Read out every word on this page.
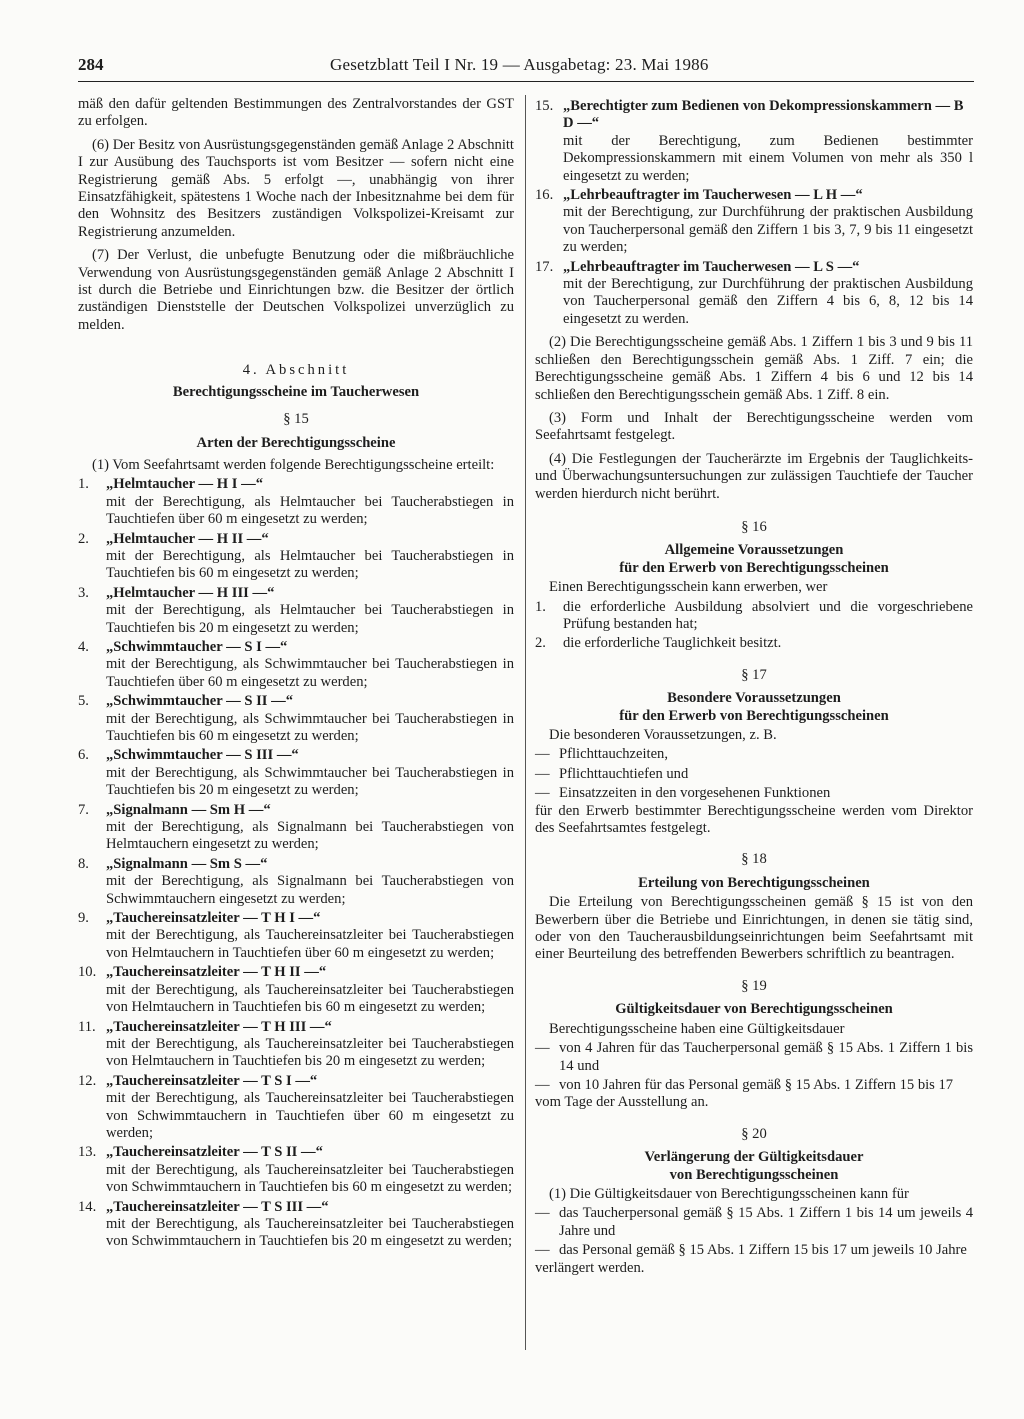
284	Gesetzblatt Teil I Nr. 19 — Ausgabetag: 23. Mai 1986

mäß den dafür geltenden Bestimmungen des Zentralvorstandes der GST zu erfolgen.

(6) Der Besitz von Ausrüstungsgegenständen gemäß Anlage 2 Abschnitt I zur Ausübung des Tauchsports ist vom Besitzer — sofern nicht eine Registrierung gemäß Abs. 5 erfolgt —, unabhängig von ihrer Einsatzfähigkeit, spätestens 1 Woche nach der Inbesitznahme bei dem für den Wohnsitz des Besitzers zuständigen Volkspolizei-Kreisamt zur Registrierung anzumelden.

(7) Der Verlust, die unbefugte Benutzung oder die mißbräuchliche Verwendung von Ausrüstungsgegenständen gemäß Anlage 2 Abschnitt I ist durch die Betriebe und Einrichtungen bzw. die Besitzer der örtlich zuständigen Dienststelle der Deutschen Volkspolizei unverzüglich zu melden.

4. Abschnitt

Berechtigungsscheine im Taucherwesen

§ 15

Arten der Berechtigungsscheine

(1) Vom Seefahrtsamt werden folgende Berechtigungsscheine erteilt:

1.	„Helmtaucher — H I —“
mit der Berechtigung, als Helmtaucher bei Taucherabstiegen in Tauchtiefen über 60 m eingesetzt zu werden;
2.	„Helmtaucher — H II —“
mit der Berechtigung, als Helmtaucher bei Taucherabstiegen in Tauchtiefen bis 60 m eingesetzt zu werden;
3.	„Helmtaucher — H III —“
mit der Berechtigung, als Helmtaucher bei Taucherabstiegen in Tauchtiefen bis 20 m eingesetzt zu werden;
4.	„Schwimmtaucher — S I —“
mit der Berechtigung, als Schwimmtaucher bei Taucherabstiegen in Tauchtiefen über 60 m eingesetzt zu werden;
5.	„Schwimmtaucher — S II —“
mit der Berechtigung, als Schwimmtaucher bei Taucherabstiegen in Tauchtiefen bis 60 m eingesetzt zu werden;
6.	„Schwimmtaucher — S III —“
mit der Berechtigung, als Schwimmtaucher bei Taucherabstiegen in Tauchtiefen bis 20 m eingesetzt zu werden;
7.	„Signalmann — Sm H —“
mit der Berechtigung, als Signalmann bei Taucherabstiegen von Helmtauchern eingesetzt zu werden;
8.	„Signalmann — Sm S —“
mit der Berechtigung, als Signalmann bei Taucherabstiegen von Schwimmtauchern eingesetzt zu werden;
9.	„Tauchereinsatzleiter — T H I —“
mit der Berechtigung, als Tauchereinsatzleiter bei Taucherabstiegen von Helmtauchern in Tauchtiefen über 60 m eingesetzt zu werden;
10. „Tauchereinsatzleiter — T H II —“
mit der Berechtigung, als Tauchereinsatzleiter bei Taucherabstiegen von Helmtauchern in Tauchtiefen bis 60 m eingesetzt zu werden;
11. „Tauchereinsatzleiter — T H III —“
mit der Berechtigung, als Tauchereinsatzleiter bei Taucherabstiegen von Helmtauchern in Tauchtiefen bis 20 m eingesetzt zu werden;
12. „Tauchereinsatzleiter — T S I —“
mit der Berechtigung, als Tauchereinsatzleiter bei Taucherabstiegen von Schwimmtauchern in Tauchtiefen über 60 m eingesetzt zu werden;
13. „Tauchereinsatzleiter — T S II —“
mit der Berechtigung, als Tauchereinsatzleiter bei Taucherabstiegen von Schwimmtauchern in Tauchtiefen bis 60 m eingesetzt zu werden;
14. „Tauchereinsatzleiter — T S III —“
mit der Berechtigung, als Tauchereinsatzleiter bei Taucherabstiegen von Schwimmtauchern in Tauchtiefen bis 20 m eingesetzt zu werden;
15. „Berechtigter zum Bedienen von Dekompressionskammern — B D —“
mit der Berechtigung, zum Bedienen bestimmter Dekompressionskammern mit einem Volumen von mehr als 350 l eingesetzt zu werden;
16. „Lehrbeauftragter im Taucherwesen — L H —“
mit der Berechtigung, zur Durchführung der praktischen Ausbildung von Taucherpersonal gemäß den Ziffern 1 bis 3, 7, 9 bis 11 eingesetzt zu werden;
17. „Lehrbeauftragter im Taucherwesen — L S —“
mit der Berechtigung, zur Durchführung der praktischen Ausbildung von Taucherpersonal gemäß den Ziffern 4 bis 6, 8, 12 bis 14 eingesetzt zu werden.

(2) Die Berechtigungsscheine gemäß Abs. 1 Ziffern 1 bis 3 und 9 bis 11 schließen den Berechtigungsschein gemäß Abs. 1 Ziff. 7 ein; die Berechtigungsscheine gemäß Abs. 1 Ziffern 4 bis 6 und 12 bis 14 schließen den Berechtigungsschein gemäß Abs. 1 Ziff. 8 ein.

(3) Form und Inhalt der Berechtigungsscheine werden vom Seefahrtsamt festgelegt.

(4) Die Festlegungen der Taucherärzte im Ergebnis der Tauglichkeits- und Überwachungsuntersuchungen zur zulässigen Tauchtiefe der Taucher werden hierdurch nicht berührt.

§ 16

Allgemeine Voraussetzungen

für den Erwerb von Berechtigungsscheinen

Einen Berechtigungsschein kann erwerben, wer

1.	die erforderliche Ausbildung absolviert und die vorgeschriebene Prüfung bestanden hat;
2.	die erforderliche Tauglichkeit besitzt.

§ 17

Besondere Voraussetzungen

für den Erwerb von Berechtigungsscheinen

Die besonderen Voraussetzungen, z. B.

— Pflichttauchzeiten,
— Pflichttauchtiefen und
— Einsatzzeiten in den vorgesehenen Funktionen

für den Erwerb bestimmter Berechtigungsscheine werden vom Direktor des Seefahrtsamtes festgelegt.

§ 18

Erteilung von Berechtigungsscheinen

Die Erteilung von Berechtigungsscheinen gemäß § 15 ist von den Bewerbern über die Betriebe und Einrichtungen, in denen sie tätig sind, oder von den Taucherausbildungseinrichtungen beim Seefahrtsamt mit einer Beurteilung des betreffenden Bewerbers schriftlich zu beantragen.

§ 19

Gültigkeitsdauer von Berechtigungsscheinen

Berechtigungsscheine haben eine Gültigkeitsdauer

— von 4 Jahren für das Taucherpersonal gemäß § 15 Abs. 1 Ziffern 1 bis 14 und
— von 10 Jahren für das Personal gemäß § 15 Abs. 1 Ziffern 15 bis 17

vom Tage der Ausstellung an.

§ 20

Verlängerung der Gültigkeitsdauer

von Berechtigungsscheinen

(1) Die Gültigkeitsdauer von Berechtigungsscheinen kann für

— das Taucherpersonal gemäß § 15 Abs. 1 Ziffern 1 bis 14 um jeweils 4 Jahre und
— das Personal gemäß § 15 Abs. 1 Ziffern 15 bis 17 um jeweils 10 Jahre

verlängert werden.
